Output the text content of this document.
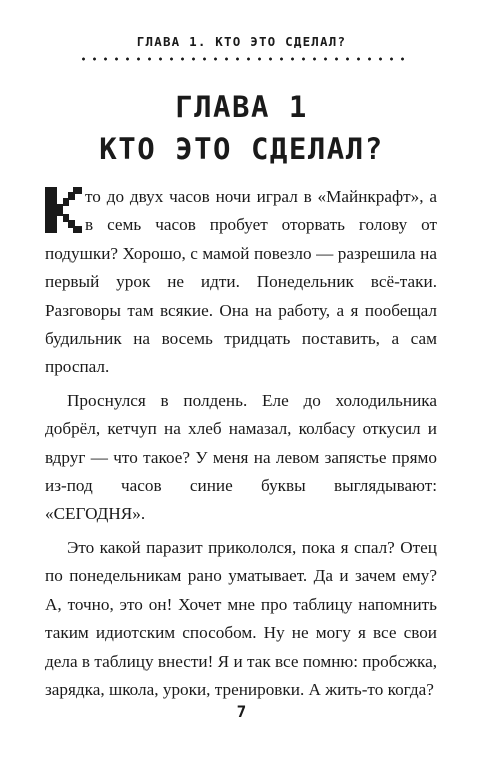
ГЛАВА 1. КТО ЭТО СДЕЛАЛ?
ГЛАВА 1
КТО ЭТО СДЕЛАЛ?

то до двух часов ночи играл в «Майнкрафт», а в семь часов пробует оторвать голову от подушки? Хорошо, с мамой повезло — разрешила на первый урок не идти. Понедельник всё-таки. Разговоры там всякие. Она на работу, а я пообещал будильник на восемь тридцать поставить, а сам проспал.

Проснулся в полдень. Еле до холодильника добрёл, кетчуп на хлеб намазал, колбасу откусил и вдруг — что такое? У меня на левом запястье прямо из-под часов синие буквы выглядывают: «СЕГОДНЯ».

Это какой паразит прикололся, пока я спал? Отец по понедельникам рано уматывает. Да и зачем ему? А, точно, это он! Хочет мне про таблицу напомнить таким идиотским способом. Ну не могу я все свои дела в таблицу внести! Я и так все помню: пробсжка, зарядка, школа, уроки, тренировки. А жить-то когда?

7
